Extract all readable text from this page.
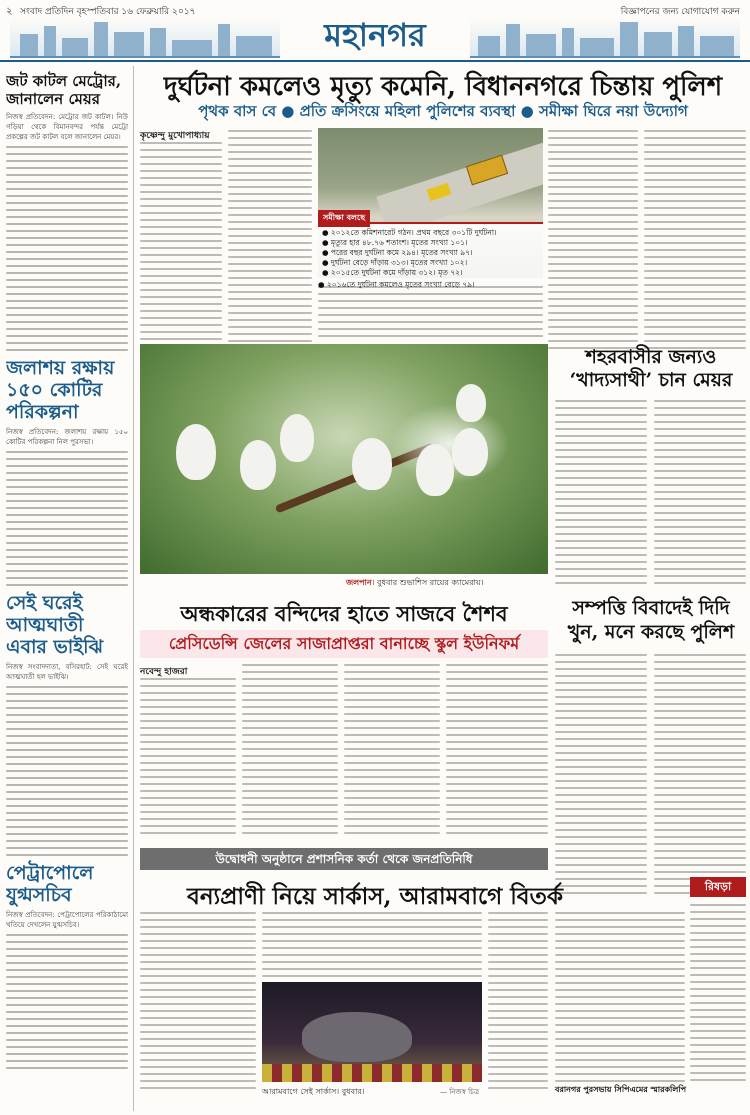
২ সংবাদ প্রতিদিন বৃহস্পতিবার ১৬ ফেব্রুয়ারি ২০১৭
মহানগর
বিজ্ঞাপনের জন্য যোগাযোগ করুন
জট কাটল মেট্রোর, জানালেন মেয়র
নিজস্ব প্রতিবেদন: মেট্রোর জট কাটল। নিউ গড়িয়া থেকে বিমানবন্দর পর্যন্ত মেট্রো প্রকল্পের জট কাটল বলে জানালেন মেয়র।
জলাশয় রক্ষায় ১৫০ কোটির পরিকল্পনা
নিজস্ব প্রতিবেদন: জলাশয় রক্ষায় ১৫০ কোটির পরিকল্পনা নিল পুরসভা।
সেই ঘরেই আত্মঘাতী এবার ভাইঝি
নিজস্ব সংবাদদাতা, বসিরহাট: সেই ঘরেই আত্মঘাতী হল ভাইঝি।
পেট্রাপোলে যুগ্মসচিব
নিজস্ব প্রতিবেদন: পেট্রাপোলের পরিকাঠামো খতিয়ে দেখলেন যুগ্মসচিব।
দুর্ঘটনা কমলেও মৃত্যু কমেনি, বিধাননগরে চিন্তায় পুলিশ
পৃথক বাস বে ● প্রতি ক্রসিংয়ে মহিলা পুলিশের ব্যবস্থা ● সমীক্ষা ঘিরে নয়া উদ্যোগ
কৃষ্ণেন্দু মুখোপাধ্যায়
সমীক্ষা বলছে
● ২০১২তে কমিশনারেট গঠন। প্রথম বছরে ৩০১টি দুর্ঘটনা।
● মৃত্যুর হার ৪৮.৭৬ শতাংশ। মৃতের সংখ্যা ১০১।
● পরের বছর দুর্ঘটনা কমে ২৯৪। মৃতের সংখ্যা ৯৭।
● দুর্ঘটনা বেড়ে দাঁড়ায় ৩১৩। মৃতের সংখ্যা ১০২।
● ২০১৫তে দুর্ঘটনা কমে দাঁড়ায় ৩১২। মৃত ৭২।
● ২০১৬তে দুর্ঘটনা কমলেও মৃতের সংখ্যা বেড়ে ৭৯।
জলপান। বুধবার শুভাশিস রায়ের ক্যামেরায়।
শহরবাসীর জন্যও ‘খাদ্যসাথী’ চান মেয়র
অন্ধকারের বন্দিদের হাতে সাজবে শৈশব
প্রেসিডেন্সি জেলের সাজাপ্রাপ্তরা বানাচ্ছে স্কুল ইউনিফর্ম
নবেন্দু হাজরা
সম্পত্তি বিবাদেই দিদি খুন, মনে করছে পুলিশ
উদ্বোধনী অনুষ্ঠানে প্রশাসনিক কর্তা থেকে জনপ্রতিনিধি
বন্যপ্রাণী নিয়ে সার্কাস, আরামবাগে বিতর্ক	রিষড়া
আরামবাগে সেই সার্কাস। বুধবার।	— নিজস্ব চিত্র	বরানগর পুরসভায় সিপিএমের স্মারকলিপি
